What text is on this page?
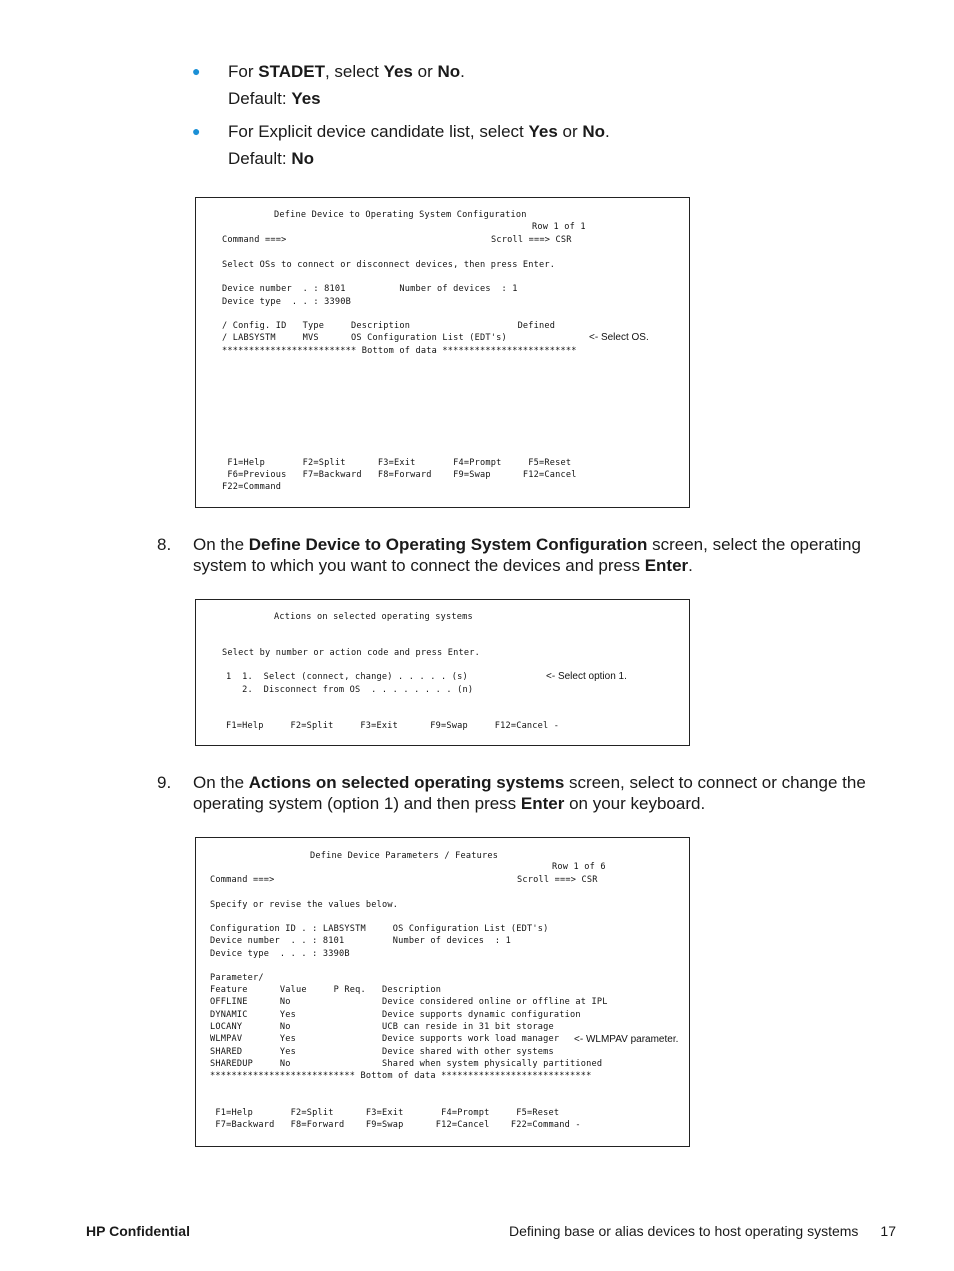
● For STADET, select Yes or No.
Default: Yes
● For Explicit device candidate list, select Yes or No.
Default: No
Define Device to Operating System Configuration
Row 1 of 1
Command ===>	Scroll ===> CSR
Select OSs to connect or disconnect devices, then press Enter.
Device number  . : 8101          Number of devices  : 1
Device type  . . : 3390B
/ Config. ID   Type     Description                    Defined
/ LABSYSTM     MVS      OS Configuration List (EDT's)	<- Select OS.
************************* Bottom of data *************************
F1=Help       F2=Split      F3=Exit       F4=Prompt     F5=Reset
F6=Previous   F7=Backward   F8=Forward    F9=Swap      F12=Cancel
F22=Command
8. On the Define Device to Operating System Configuration screen, select the operating system to which you want to connect the devices and press Enter.
Actions on selected operating systems
Select by number or action code and press Enter.
1  1.  Select (connect, change) . . . . . (s)	<- Select option 1.
2.  Disconnect from OS  . . . . . . . . (n)
F1=Help     F2=Split     F3=Exit      F9=Swap     F12=Cancel -
9. On the Actions on selected operating systems screen, select to connect or change the operating system (option 1) and then press Enter on your keyboard.
Define Device Parameters / Features
Row 1 of 6
Command ===>	Scroll ===> CSR
Specify or revise the values below.
Configuration ID . : LABSYSTM     OS Configuration List (EDT's)
Device number  . . : 8101         Number of devices  : 1
Device type  . . . : 3390B
Parameter/
Feature      Value     P Req.   Description
OFFLINE      No                 Device considered online or offline at IPL
DYNAMIC      Yes                Device supports dynamic configuration
LOCANY       No                 UCB can reside in 31 bit storage
WLMPAV       Yes                Device supports work load manager <- WLMPAV parameter.
SHARED       Yes                Device shared with other systems
SHAREDUP     No                 Shared when system physically partitioned
*************************** Bottom of data ****************************
F1=Help       F2=Split      F3=Exit       F4=Prompt     F5=Reset
F7=Backward   F8=Forward    F9=Swap      F12=Cancel    F22=Command -
HP Confidential	Defining base or alias devices to host operating systems 17
